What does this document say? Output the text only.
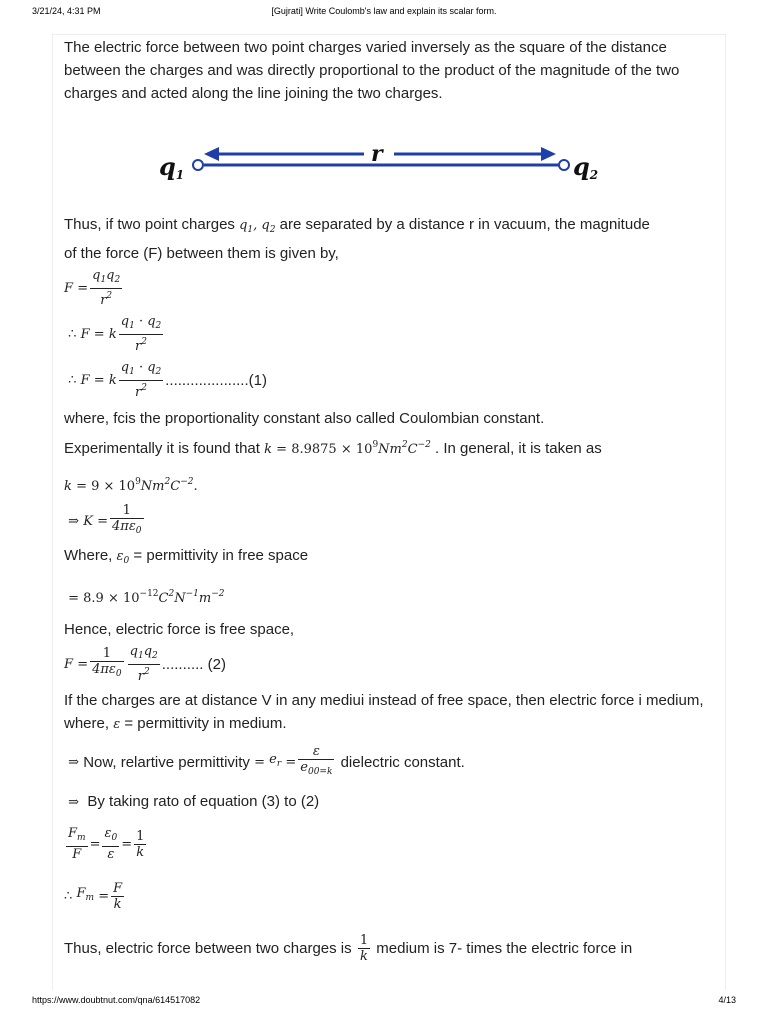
3/21/24, 4:31 PM	[Gujrati] Write Coulomb's law and explain its scalar form.

The electric force between two point charges varied inversely as the square of the distance between the charges and was directly proportional to the product of the magnitude of the two charges and acted along the line joining the two charges.

q1
r	q2

Thus, if two point charges $q_1$, $q_2$ are separated by a distance r in vacuum, the magnitude

of the force (F) between them is given by,

F
= $\frac{q_1q_2}{r^2}$
∴
F
=
k $\frac{q_1 \cdot q_2}{r^2}$
∴
F
=
k $\frac{q_1 \cdot q_2}{r^2} ....................(1)$

where, fcis the proportionality constant also called Coulombian constant.

Experimentally it is found that $k = 8.9875 \times 10^9Nm^2C^{-2}$ . In general, it is taken as

$k = 9 \times 10^9Nm^2C^{-2}$.

⇒
K
= $\frac{1}{4\pi\varepsilon_0}$

Where, $\varepsilon_0$ = permittivity in free space

= $8.9 \times 10^{-12}C^2N^{-1}m^{-2}$

Hence, electric force is free space,

F
= $\frac{1}{4\pi\varepsilon_0} \frac{q_1q_2}{r^2}$ .......... (2)

If the charges are at distance V in any mediui instead of free space, then electric force i medium,

where, ε = permittivity in medium.

⇒
Now, relartive permittivity
=
$e_r$
= $\frac{\varepsilon}{e_{00=k}}$
dielectric constant.

⇒ By taking rato of equation (3) to (2)

$\frac{F_m}{F} = \frac{\varepsilon_0}{\varepsilon} = \frac{1}{k}$
∴
$F_m$
= $\frac{F}{k}$
Thus, electric force between two charges is
$\frac{1}{k}$
medium is 7- times the electric force in
https://www.doubtnut.com/qna/614517082	4/13
